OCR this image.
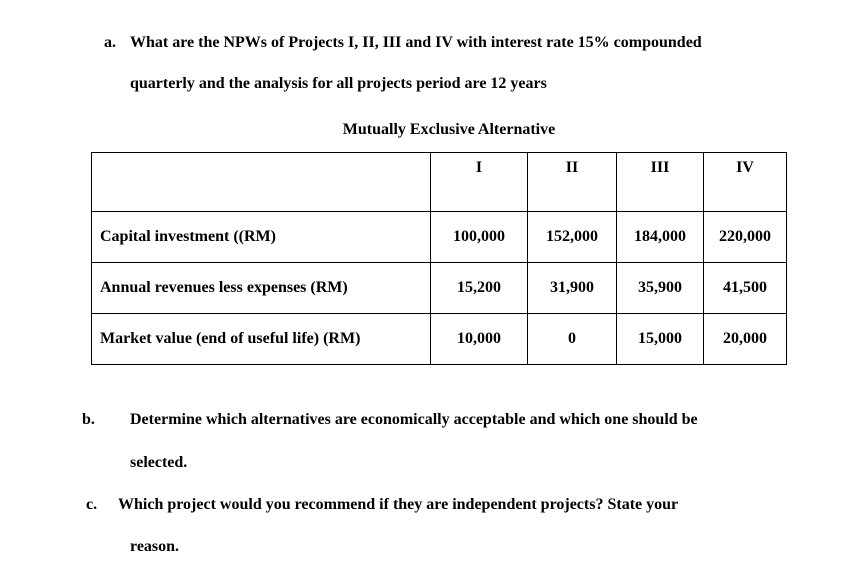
a. What are the NPWs of Projects I, II, III and IV with interest rate 15% compounded
quarterly and the analysis for all projects period are 12 years
Mutually Exclusive Alternative
	I	II	III	IV
Capital investment ((RM)	100,000	152,000	184,000	220,000
Annual revenues less expenses (RM)	15,200	31,900	35,900	41,500
Market value (end of useful life) (RM)	10,000	0	15,000	20,000
b. Determine which alternatives are economically acceptable and which one should be
selected.
c. Which project would you recommend if they are independent projects? State your
reason.
